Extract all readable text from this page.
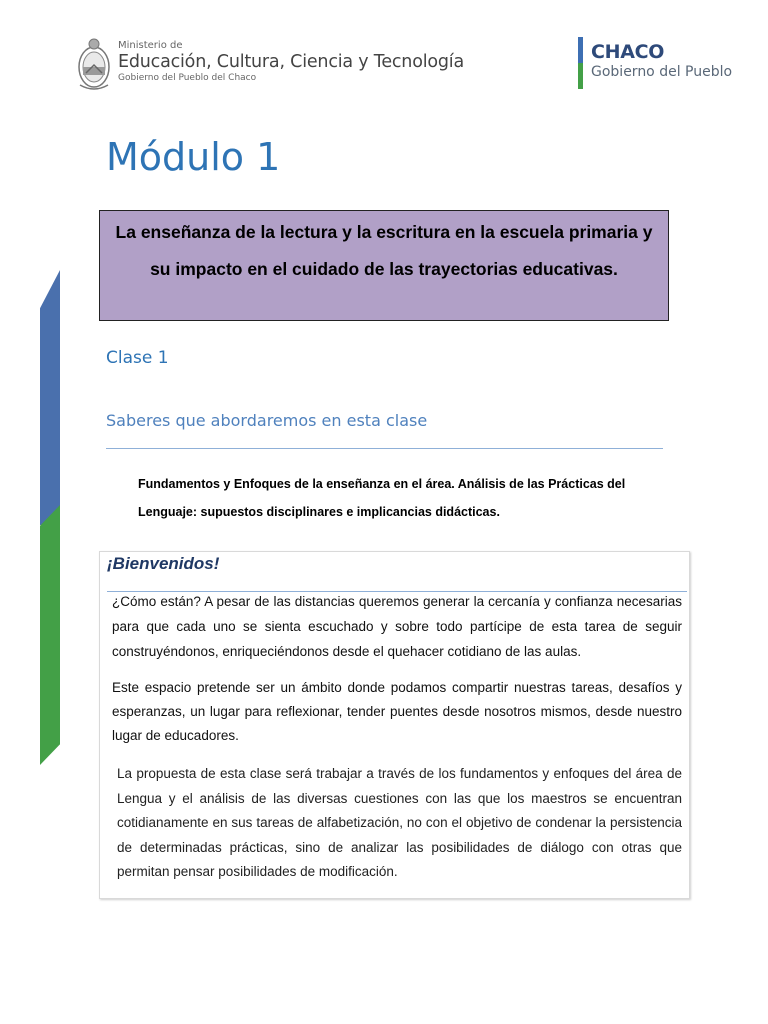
Ministerio de
Educación, Cultura, Ciencia y Tecnología
Gobierno del Pueblo del Chaco
CHACO
Gobierno del Pueblo
Módulo 1

La enseñanza de la lectura y la escritura en la escuela primaria y su impacto en el cuidado de las trayectorias educativas.

Clase 1
Saberes que abordaremos en esta clase

Fundamentos y Enfoques de la enseñanza en el área. Análisis de las Prácticas del Lenguaje: supuestos disciplinares e implicancias didácticas.

¡Bienvenidos!

¿Cómo están? A pesar de las distancias queremos generar la cercanía y confianza necesarias para que cada uno se sienta escuchado y sobre todo partícipe de esta tarea de seguir construyéndonos, enriqueciéndonos desde el quehacer cotidiano de las aulas.

Este espacio pretende ser un ámbito donde podamos compartir nuestras tareas, desafíos y esperanzas, un lugar para reflexionar, tender puentes desde nosotros mismos, desde nuestro lugar de educadores.

La propuesta de esta clase será trabajar a través de los fundamentos y enfoques del área de Lengua y el análisis de las diversas cuestiones con las que los maestros se encuentran cotidianamente en sus tareas de alfabetización, no con el objetivo de condenar la persistencia de determinadas prácticas, sino de analizar las posibilidades de diálogo con otras que permitan pensar posibilidades de modificación.
